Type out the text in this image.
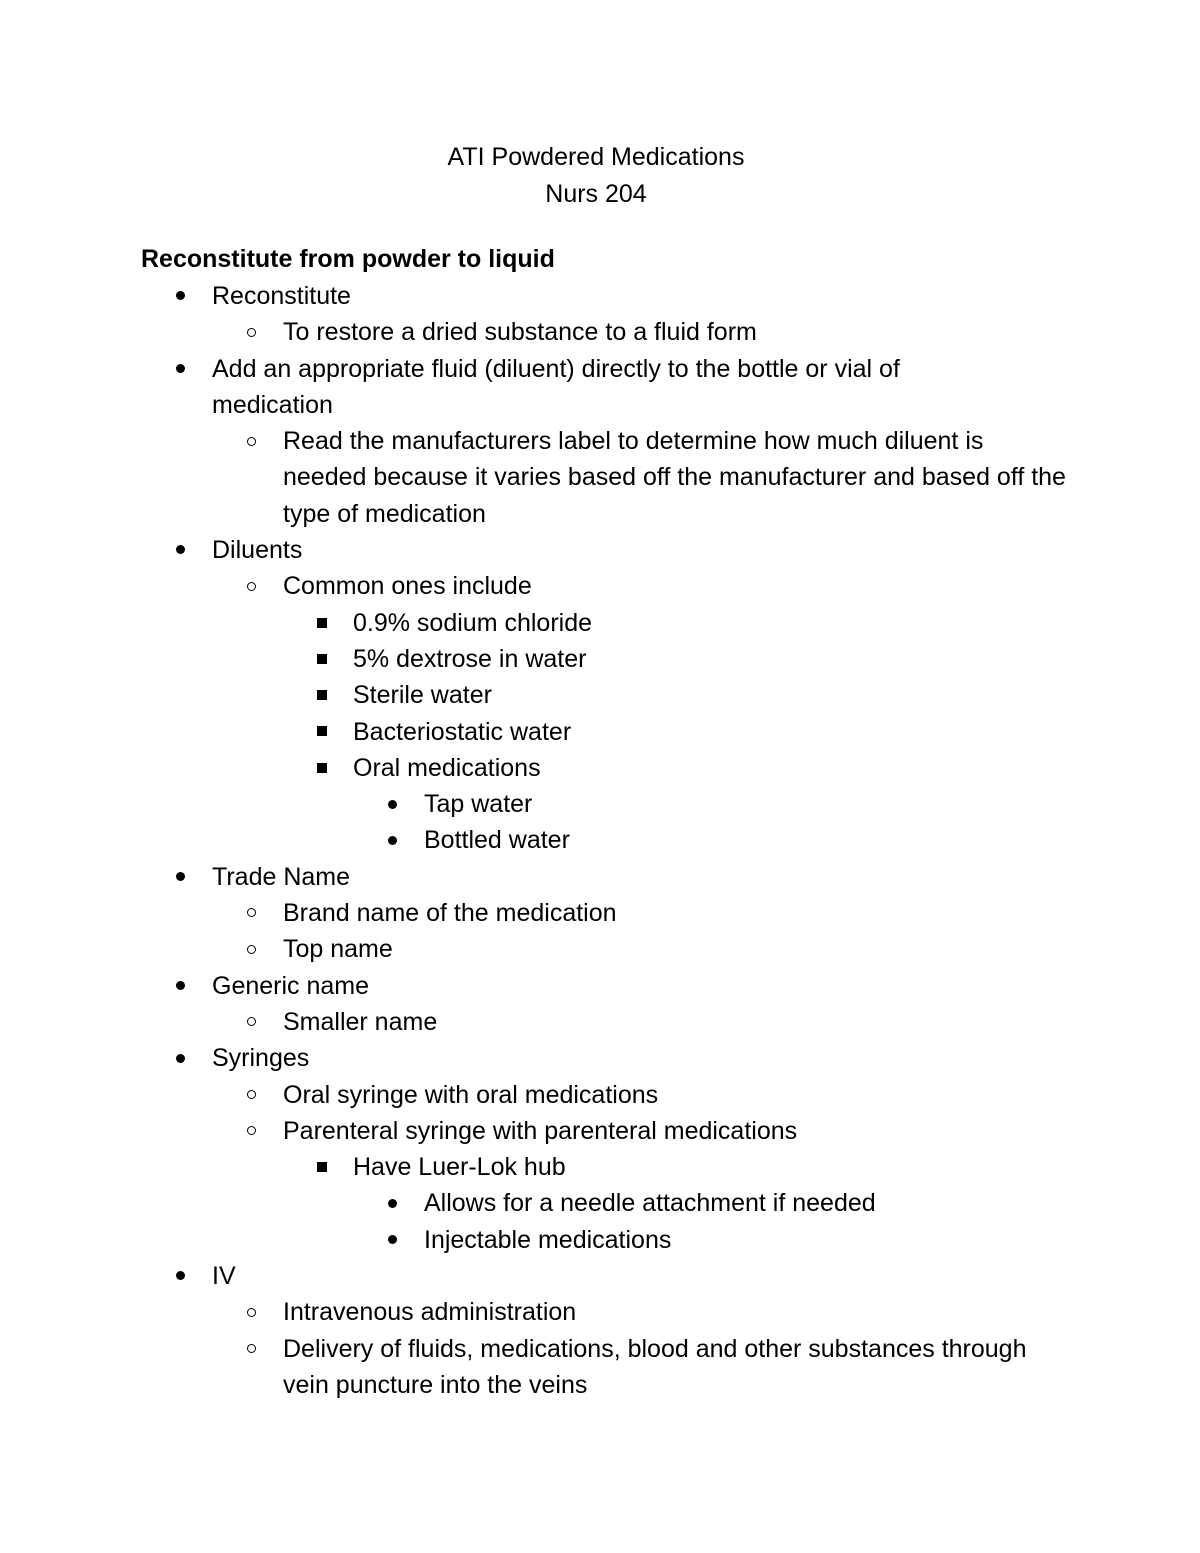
ATI Powdered Medications
Nurs 204
Reconstitute from powder to liquid
Reconstitute
To restore a dried substance to a fluid form
Add an appropriate fluid (diluent) directly to the bottle or vial of medication
Read the manufacturers label to determine how much diluent is needed because it varies based off the manufacturer and based off the type of medication
Diluents
Common ones include
0.9% sodium chloride
5% dextrose in water
Sterile water
Bacteriostatic water
Oral medications
Tap water
Bottled water
Trade Name
Brand name of the medication
Top name
Generic name
Smaller name
Syringes
Oral syringe with oral medications
Parenteral syringe with parenteral medications
Have Luer-Lok hub
Allows for a needle attachment if needed
Injectable medications
IV
Intravenous administration
Delivery of fluids, medications, blood and other substances through vein puncture into the veins
